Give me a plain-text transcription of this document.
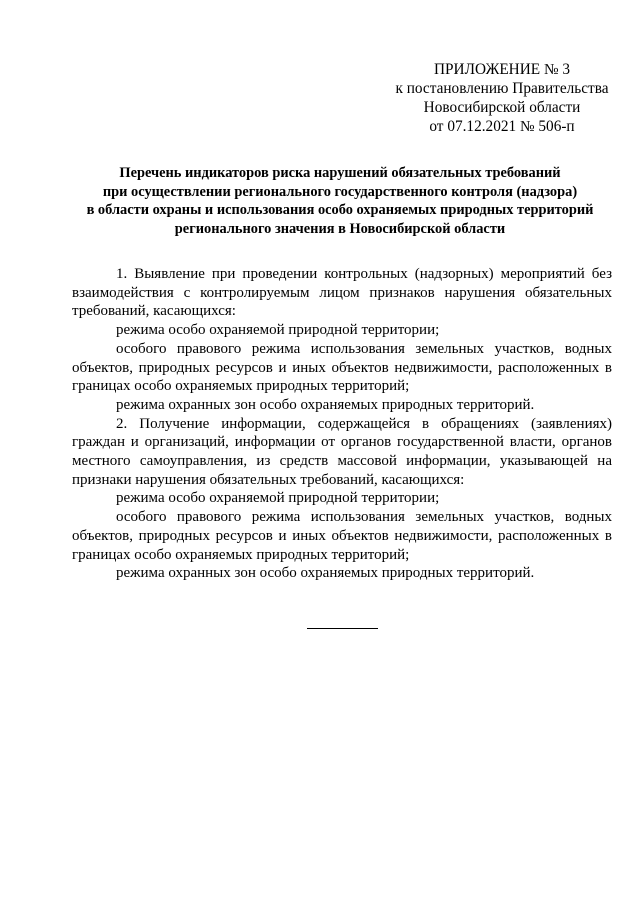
ПРИЛОЖЕНИЕ № 3
к постановлению Правительства
Новосибирской области
от 07.12.2021 № 506-п
Перечень индикаторов риска нарушений обязательных требований
при осуществлении регионального государственного контроля (надзора)
в области охраны и использования особо охраняемых природных территорий
регионального значения в Новосибирской области

1. Выявление при проведении контрольных (надзорных) мероприятий без взаимодействия с контролируемым лицом признаков нарушения обязательных требований, касающихся:

режима особо охраняемой природной территории;

особого правового режима использования земельных участков, водных объектов, природных ресурсов и иных объектов недвижимости, расположенных в границах особо охраняемых природных территорий;

режима охранных зон особо охраняемых природных территорий.

2. Получение информации, содержащейся в обращениях (заявлениях) граждан и организаций, информации от органов государственной власти, органов местного самоуправления, из средств массовой информации, указывающей на признаки нарушения обязательных требований, касающихся:

режима особо охраняемой природной территории;

особого правового режима использования земельных участков, водных объектов, природных ресурсов и иных объектов недвижимости, расположенных в границах особо охраняемых природных территорий;

режима охранных зон особо охраняемых природных территорий.
